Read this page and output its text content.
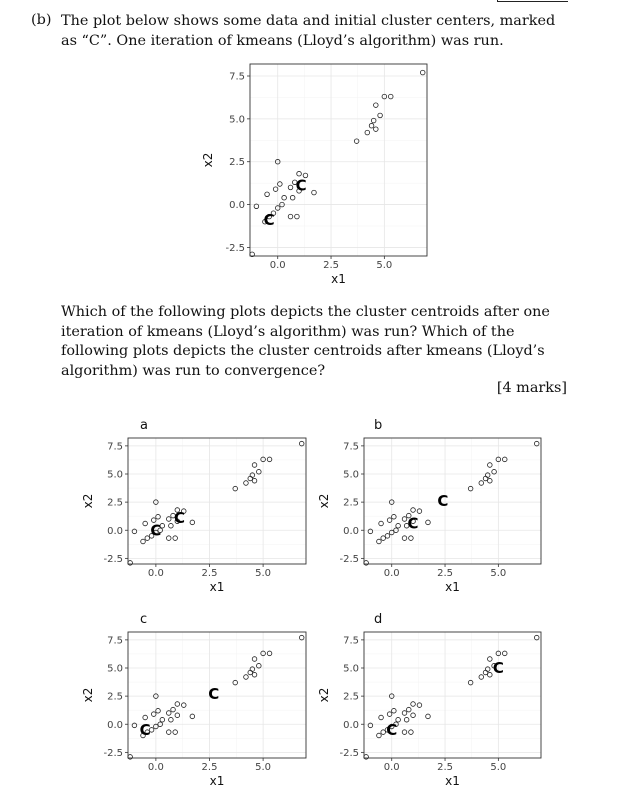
(b) The plot below shows some data and initial cluster centers, marked as “C”. One iteration of kmeans (Lloyd’s algorithm) was run.

Which of the following plots depicts the cluster centroids after one iteration of kmeans (Lloyd’s algorithm) was run? Which of the following plots depicts the cluster centroids after kmeans (Lloyd’s algorithm) was run to convergence?

[4 marks]
0.0	2.5	5.0
-2.5
0.0
2.5
5.0
7.5
x1
x2
C
C
0.0	2.5	5.0
-2.5
0.0
2.5
5.0
7.5
x1
x2
a
C
C
0.0	2.5	5.0
-2.5
0.0
2.5
5.0
7.5
x1
x2
b
C
C
0.0	2.5	5.0
-2.5
0.0
2.5
5.0
7.5
x1
x2
c
C
C
0.0	2.5	5.0
-2.5
0.0
2.5
5.0
7.5
x1
x2
d
C
C
